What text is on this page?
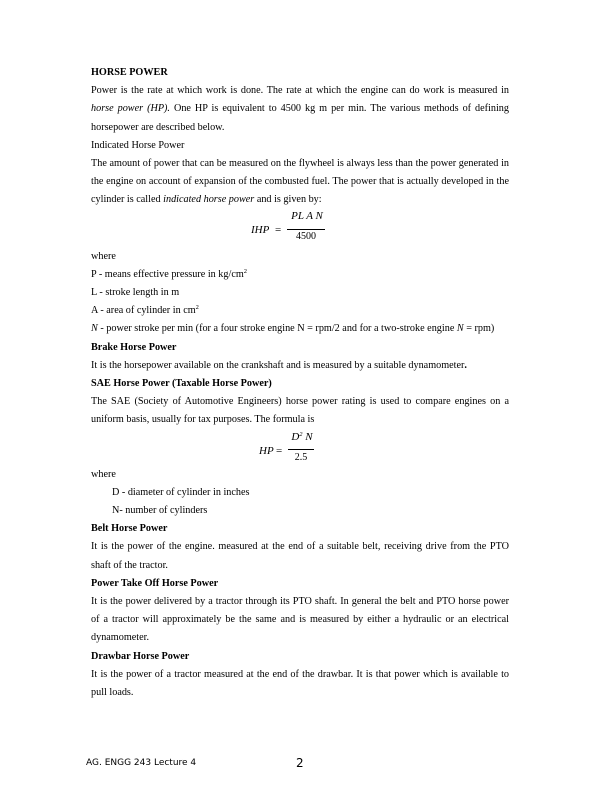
HORSE POWER

Power is the rate at which work is done. The rate at which the engine can do work is measured in horse power (HP). One HP is equivalent to 4500 kg m per min. The various methods of defining horsepower are described below.

Indicated Horse Power

The amount of power that can be measured on the flywheel is always less than the power generated in the engine on account of expansion of the combusted fuel. The power that is actually developed in the cylinder is called indicated horse power and is given by:

IHP =
PL A N
4500

where

P - means effective pressure in $kg/cm^2$

L - stroke length in m

A - area of cylinder in $cm^2$

N - power stroke per min (for a four stroke engine N = rpm/2 and for a two-stroke engine N = rpm)

Brake Horse Power

It is the horsepower available on the crankshaft and is measured by a suitable dynamometer.

SAE Horse Power (Taxable Horse Power)

The SAE (Society of Automotive Engineers) horse power rating is used to compare engines on a uniform basis, usually for tax purposes. The formula is

HP =
$D^2$ N
2.5

where

D - diameter of cylinder in inches

N- number of cylinders

Belt Horse Power

It is the power of the engine. measured at the end of a suitable belt, receiving drive from the PTO shaft of the tractor.

Power Take Off Horse Power

It is the power delivered by a tractor through its PTO shaft. In general the belt and PTO horse power of a tractor will approximately be the same and is measured by either a hydraulic or an electrical dynamometer.

Drawbar Horse Power

It is the power of a tractor measured at the end of the drawbar. It is that power which is available to pull loads.

AG. ENGG 243 Lecture 4	2
